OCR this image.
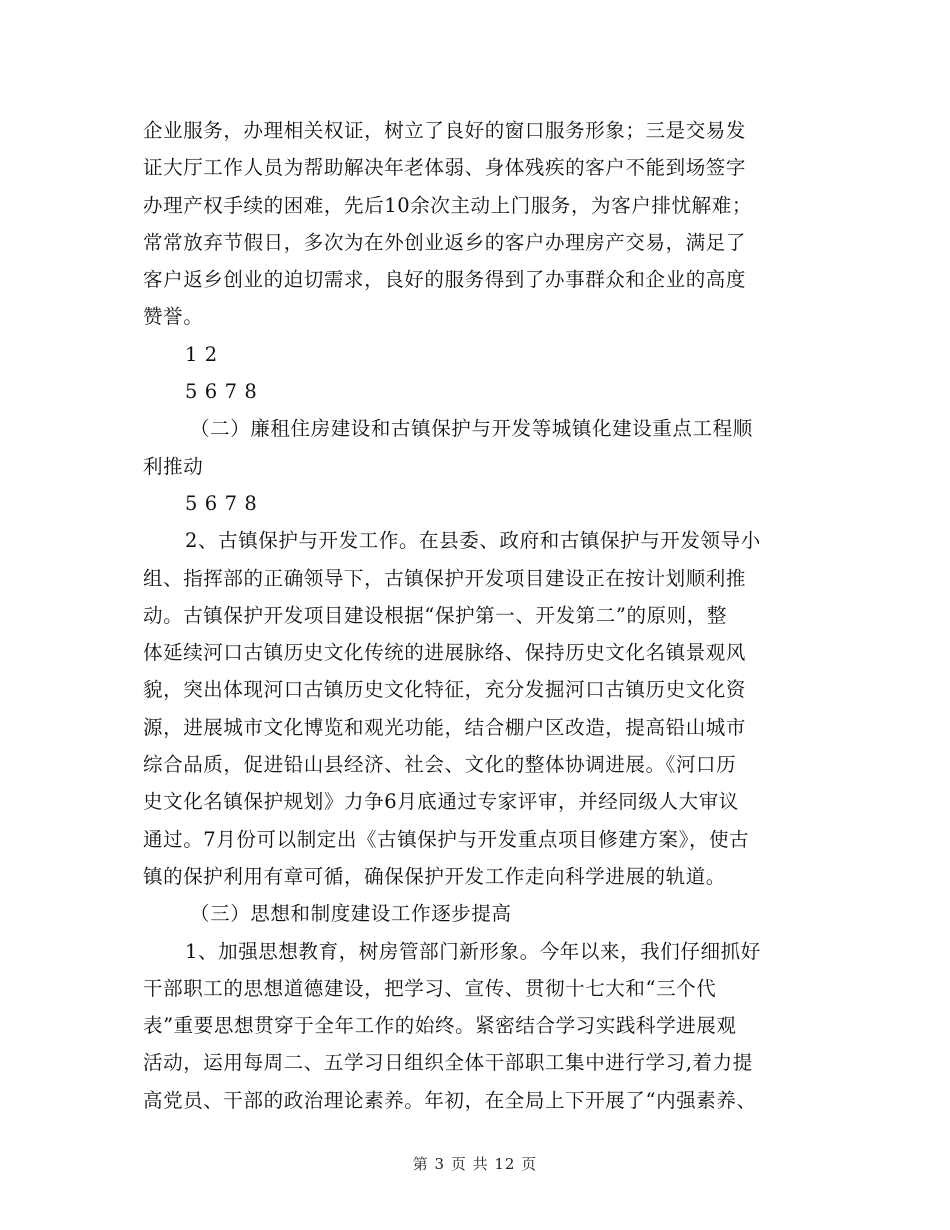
企业服务，办理相关权证，树立了良好的窗口服务形象；三是交易发
证大厅工作人员为帮助解决年老体弱、身体残疾的客户不能到场签字
办理产权手续的困难，先后10余次主动上门服务，为客户排忧解难；
常常放弃节假日，多次为在外创业返乡的客户办理房产交易，满足了
客户返乡创业的迫切需求，良好的服务得到了办事群众和企业的高度
赞誉。
1 2
5 6 7 8
（二）廉租住房建设和古镇保护与开发等城镇化建设重点工程顺
利推动
5 6 7 8
2、古镇保护与开发工作。在县委、政府和古镇保护与开发领导小
组、指挥部的正确领导下，古镇保护开发项目建设正在按计划顺利推
动。古镇保护开发项目建设根据“保护第一、开发第二”的原则，整
体延续河口古镇历史文化传统的进展脉络、保持历史文化名镇景观风
貌，突出体现河口古镇历史文化特征，充分发掘河口古镇历史文化资
源，进展城市文化博览和观光功能，结合棚户区改造，提高铅山城市
综合品质，促进铅山县经济、社会、文化的整体协调进展。《河口历
史文化名镇保护规划》力争6月底通过专家评审，并经同级人大审议
通过。7月份可以制定出《古镇保护与开发重点项目修建方案》，使古
镇的保护利用有章可循，确保保护开发工作走向科学进展的轨道。
（三）思想和制度建设工作逐步提高
1、加强思想教育，树房管部门新形象。今年以来，我们仔细抓好
干部职工的思想道德建设，把学习、宣传、贯彻十七大和“三个代
表”重要思想贯穿于全年工作的始终。紧密结合学习实践科学进展观
活动，运用每周二、五学习日组织全体干部职工集中进行学习,着力提
高党员、干部的政治理论素养。年初，在全局上下开展了“内强素养、
第 3 页 共 12 页
